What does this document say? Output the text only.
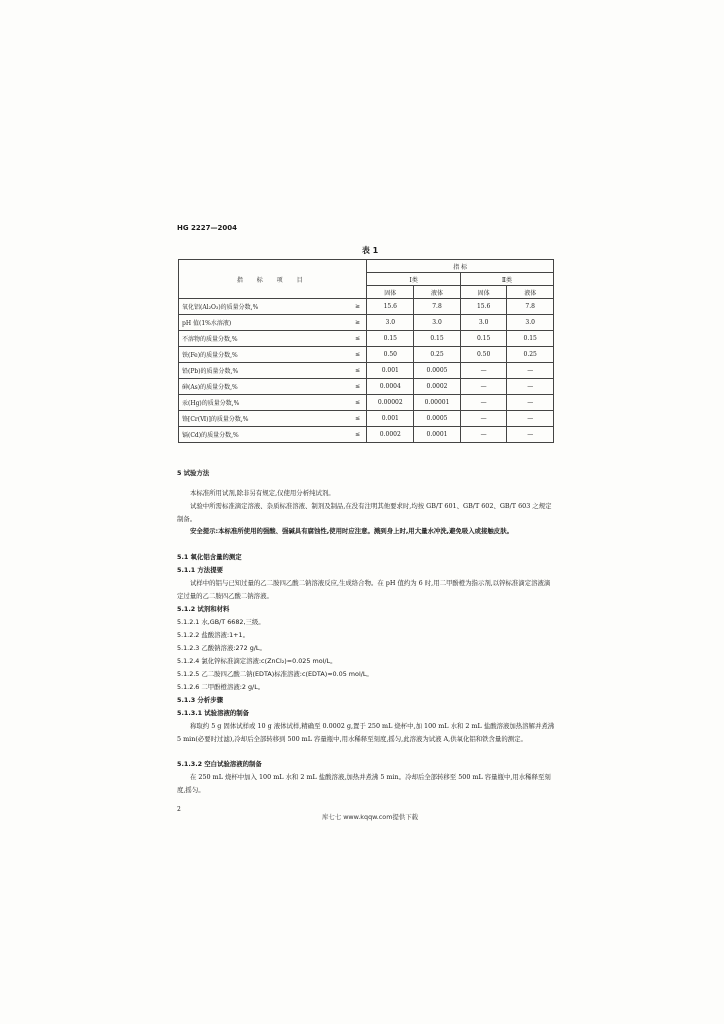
HG 2227—2004
表 1
指 标 项 目		指 标			
		Ⅰ类		Ⅱ类	
		固体	液体	固体	液体
氧化铝(Al₂O₃)的质量分数,%	≥	15.6	7.8	15.6	7.8
pH 值(1%水溶液)	≥	3.0	3.0	3.0	3.0
不溶物的质量分数,%	≤	0.15	0.15	0.15	0.15
铁(Fe)的质量分数,%	≤	0.50	0.25	0.50	0.25
铅(Pb)的质量分数,%	≤	0.001	0.0005	—	—
砷(As)的质量分数,%	≤	0.0004	0.0002	—	—
汞(Hg)的质量分数,%	≤	0.00002	0.00001	—	—
铬[Cr(Ⅵ)]的质量分数,%	≤	0.001	0.0005	—	—
镉(Cd)的质量分数,%	≤	0.0002	0.0001	—	—
5 试验方法
本标准所用试剂,除非另有规定,仅使用分析纯试剂。
试验中所需标准滴定溶液、杂质标准溶液、制剂及制品,在没有注明其他要求时,均按 GB/T 601、GB/T 602、GB/T 603 之规定制备。
安全提示:本标准所使用的强酸、强碱具有腐蚀性,使用时应注意。溅到身上时,用大量水冲洗,避免吸入或接触皮肤。
5.1 氧化铝含量的测定
5.1.1 方法提要
试样中的铝与已知过量的乙二胺四乙酸二钠溶液反应,生成络合物。在 pH 值约为 6 时,用二甲酚橙为指示剂,以锌标准滴定溶液滴定过量的乙二胺四乙酸二钠溶液。
5.1.2 试剂和材料
5.1.2.1 水,GB/T 6682,三级。
5.1.2.2 盐酸溶液:1+1。
5.1.2.3 乙酸钠溶液:272 g/L。
5.1.2.4 氯化锌标准滴定溶液:c(ZnCl₂)=0.025 mol/L。
5.1.2.5 乙二胺四乙酸二钠(EDTA)标准溶液:c(EDTA)≈0.05 mol/L。
5.1.2.6 二甲酚橙溶液:2 g/L。
5.1.3 分析步骤
5.1.3.1 试验溶液的制备
称取约 5 g 固体试样或 10 g 液体试样,精确至 0.0002 g,置于 250 mL 烧杯中,加 100 mL 水和 2 mL 盐酸溶液加热溶解并煮沸 5 min(必要时过滤),冷却后全部转移到 500 mL 容量瓶中,用水稀释至刻度,摇匀,此溶液为试液 A,供氧化铝和铁含量的测定。
5.1.3.2 空白试验溶液的制备
在 250 mL 烧杯中加入 100 mL 水和 2 mL 盐酸溶液,加热并煮沸 5 min。冷却后全部转移至 500 mL 容量瓶中,用水稀释至刻度,摇匀。
2
库七七 www.kqqw.com提供下载
